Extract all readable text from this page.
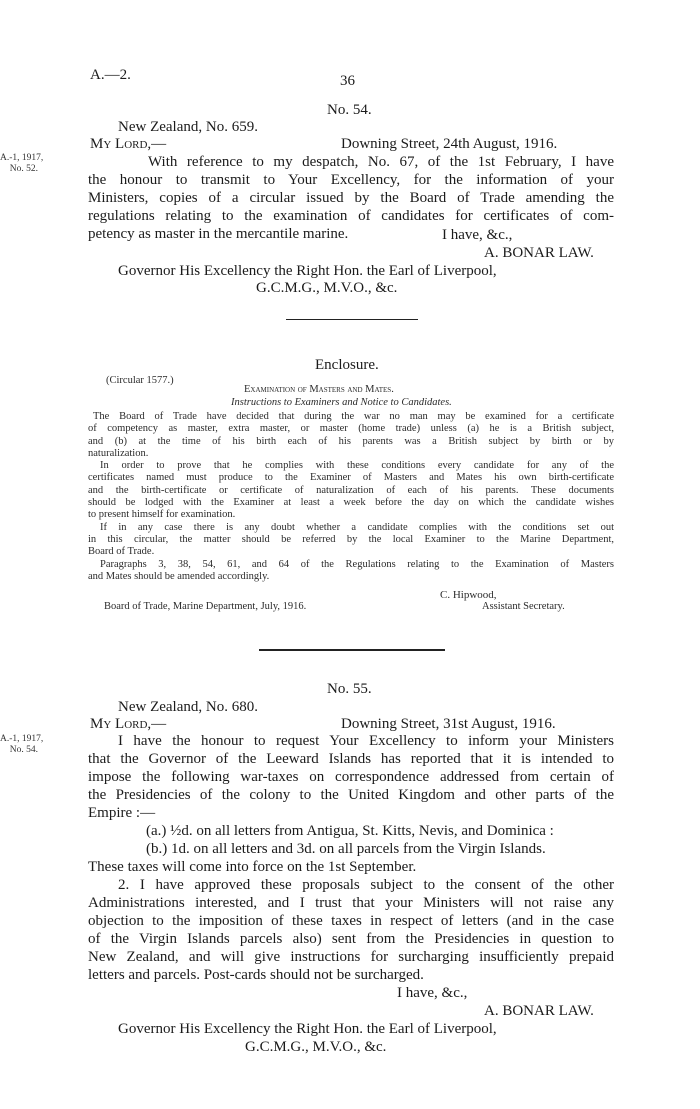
A.—2.	36
No. 54.
New Zealand, No. 659.
My Lord,—	Downing Street, 24th August, 1916.
A.-1, 1917,
No. 52.	With reference to my despatch, No. 67, of the 1st February, I have
the honour to transmit to Your Excellency, for the information of your
Ministers, copies of a circular issued by the Board of Trade amending the
regulations relating to the examination of candidates for certificates of com-
petency as master in the mercantile marine.	I have, &c.,
A. BONAR LAW.
Governor His Excellency the Right Hon. the Earl of Liverpool,
G.C.M.G., M.V.O., &c.
Enclosure.
(Circular 1577.)
Examination of Masters and Mates.
Instructions to Examiners and Notice to Candidates.
The Board of Trade have decided that during the war no man may be examined for a certificate
of competency as master, extra master, or master (home trade) unless (a) he is a British subject,
and (b) at the time of his birth each of his parents was a British subject by birth or by
naturalization.
In order to prove that he complies with these conditions every candidate for any of the
certificates named must produce to the Examiner of Masters and Mates his own birth-certificate
and the birth-certificate or certificate of naturalization of each of his parents. These documents
should be lodged with the Examiner at least a week before the day on which the candidate wishes
to present himself for examination.
If in any case there is any doubt whether a candidate complies with the conditions set out
in this circular, the matter should be referred by the local Examiner to the Marine Department,
Board of Trade.
Paragraphs 3, 38, 54, 61, and 64 of the Regulations relating to the Examination of Masters
and Mates should be amended accordingly.
C. Hipwood,
Board of Trade, Marine Department, July, 1916.	Assistant Secretary.
No. 55.
New Zealand, No. 680.
My Lord,—	Downing Street, 31st August, 1916.
A.-1, 1917,
No. 54.
I have the honour to request Your Excellency to inform your Ministers
that the Governor of the Leeward Islands has reported that it is intended to
impose the following war-taxes on correspondence addressed from certain of
the Presidencies of the colony to the United Kingdom and other parts of the
Empire :—
(a.) ½d. on all letters from Antigua, St. Kitts, Nevis, and Dominica :
(b.) 1d. on all letters and 3d. on all parcels from the Virgin Islands.
These taxes will come into force on the 1st September.
2. I have approved these proposals subject to the consent of the other
Administrations interested, and I trust that your Ministers will not raise any
objection to the imposition of these taxes in respect of letters (and in the case
of the Virgin Islands parcels also) sent from the Presidencies in question to
New Zealand, and will give instructions for surcharging insufficiently prepaid
letters and parcels. Post-cards should not be surcharged.
I have, &c.,
A. BONAR LAW.
Governor His Excellency the Right Hon. the Earl of Liverpool,
G.C.M.G., M.V.O., &c.
